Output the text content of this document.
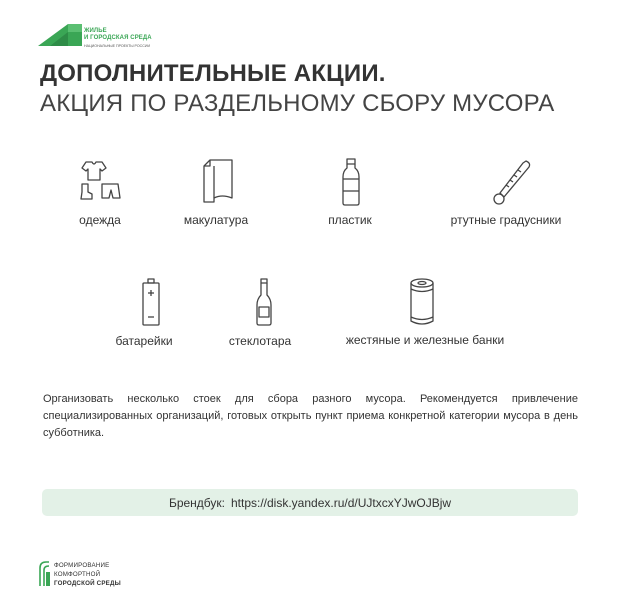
ЖИЛЬЕ
И ГОРОДСКАЯ СРЕДА
НАЦИОНАЛЬНЫЕ ПРОЕКТЫ РОССИИ
ДОПОЛНИТЕЛЬНЫЕ АКЦИИ.
АКЦИЯ ПО РАЗДЕЛЬНОМУ СБОРУ МУСОРА
одежда	макулатура	пластик	ртутные градусники
батарейки	стеклотара	жестяные и железные банки
Организовать несколько стоек для сбора разного мусора. Рекомендуется привлечение специализированных организаций, готовых открыть пункт приема конкретной категории мусора в день субботника.
Брендбук: https://disk.yandex.ru/d/UJtxcxYJwOJBjw
ФОРМИРОВАНИЕ
КОМФОРТНОЙ
ГОРОДСКОЙ СРЕДЫ
